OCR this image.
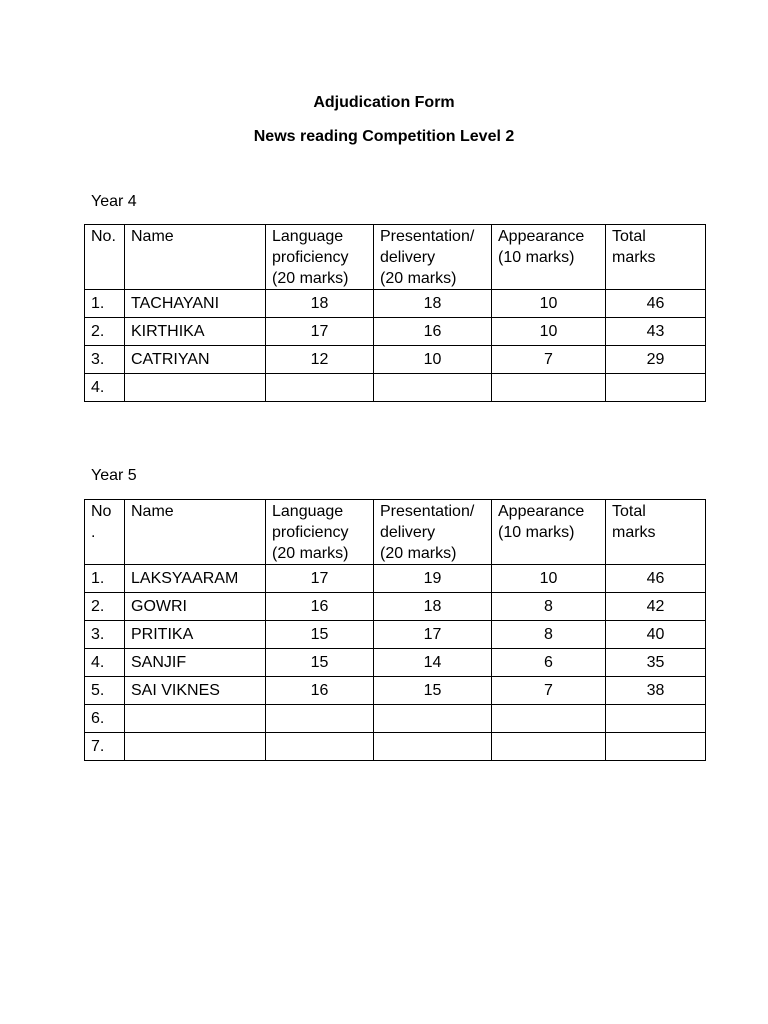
Adjudication Form
News reading Competition Level 2
Year 4
No.	Name	Language
proficiency
(20 marks)	Presentation/
delivery
(20 marks)	Appearance
(10 marks)	Total
marks
1.	TACHAYANI	18	18	10	46
2.	KIRTHIKA	17	16	10	43
3.	CATRIYAN	12	10	7	29
4.					
Year 5
No
.	Name	Language
proficiency
(20 marks)	Presentation/
delivery
(20 marks)	Appearance
(10 marks)	Total
marks
1.	LAKSYAARAM	17	19	10	46
2.	GOWRI	16	18	8	42
3.	PRITIKA	15	17	8	40
4.	SANJIF	15	14	6	35
5.	SAI VIKNES	16	15	7	38
6.					
7.					
